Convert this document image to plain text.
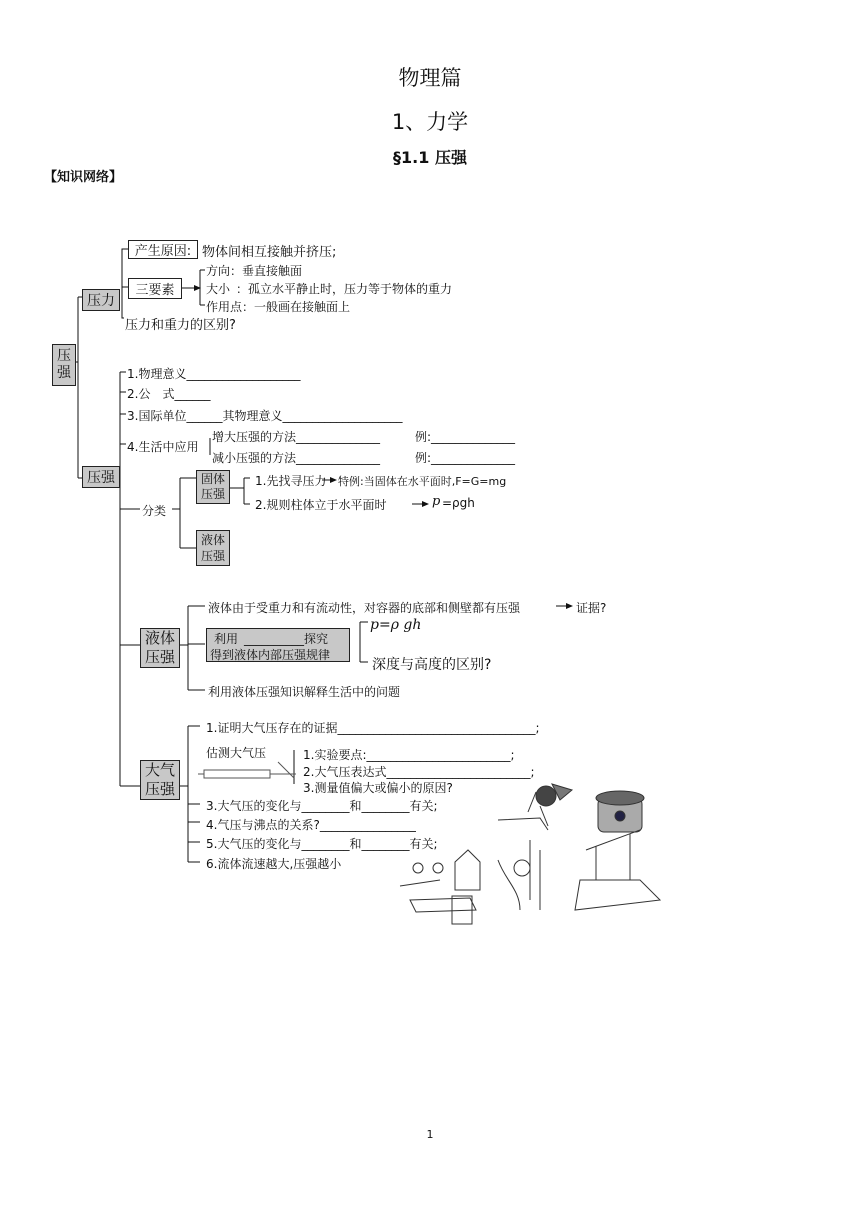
物理篇
1、力学
§1.1 压强
【知识网络】
压
强
压力
产生原因: 物体间相互接触并挤压;
三要素
方向：垂直接触面
大小 ：孤立水平静止时，压力等于物体的重力
作用点：一般画在接触面上
压力和重力的区别?
压强
1.物理意义___________________
2.公　式______
3.国际单位______其物理意义____________________
4.生活中应用
增大压强的方法______________
减小压强的方法______________
例:______________
例:______________
分类
固体
压强
1.先找寻压力 特例:当固体在水平面时,F=G=mg
2.规则柱体立于水平面时	p =ρgh
液体
压强
液体
压强
液体由于受重力和有流动性，对容器的底部和侧壁都有压强	证据?
利用 __________探究
得到液体内部压强规律
p=ρ gh
深度与高度的区别?
利用液体压强知识解释生活中的问题
大气
压强
1.证明大气压存在的证据_________________________________;
估测大气压	1.实验要点:________________________;
2.大气压表达式________________________;
3.测量值偏大或偏小的原因?
3.大气压的变化与________和________有关;
4.气压与沸点的关系?________________
5.大气压的变化与________和________有关;
6.流体流速越大,压强越小
1
